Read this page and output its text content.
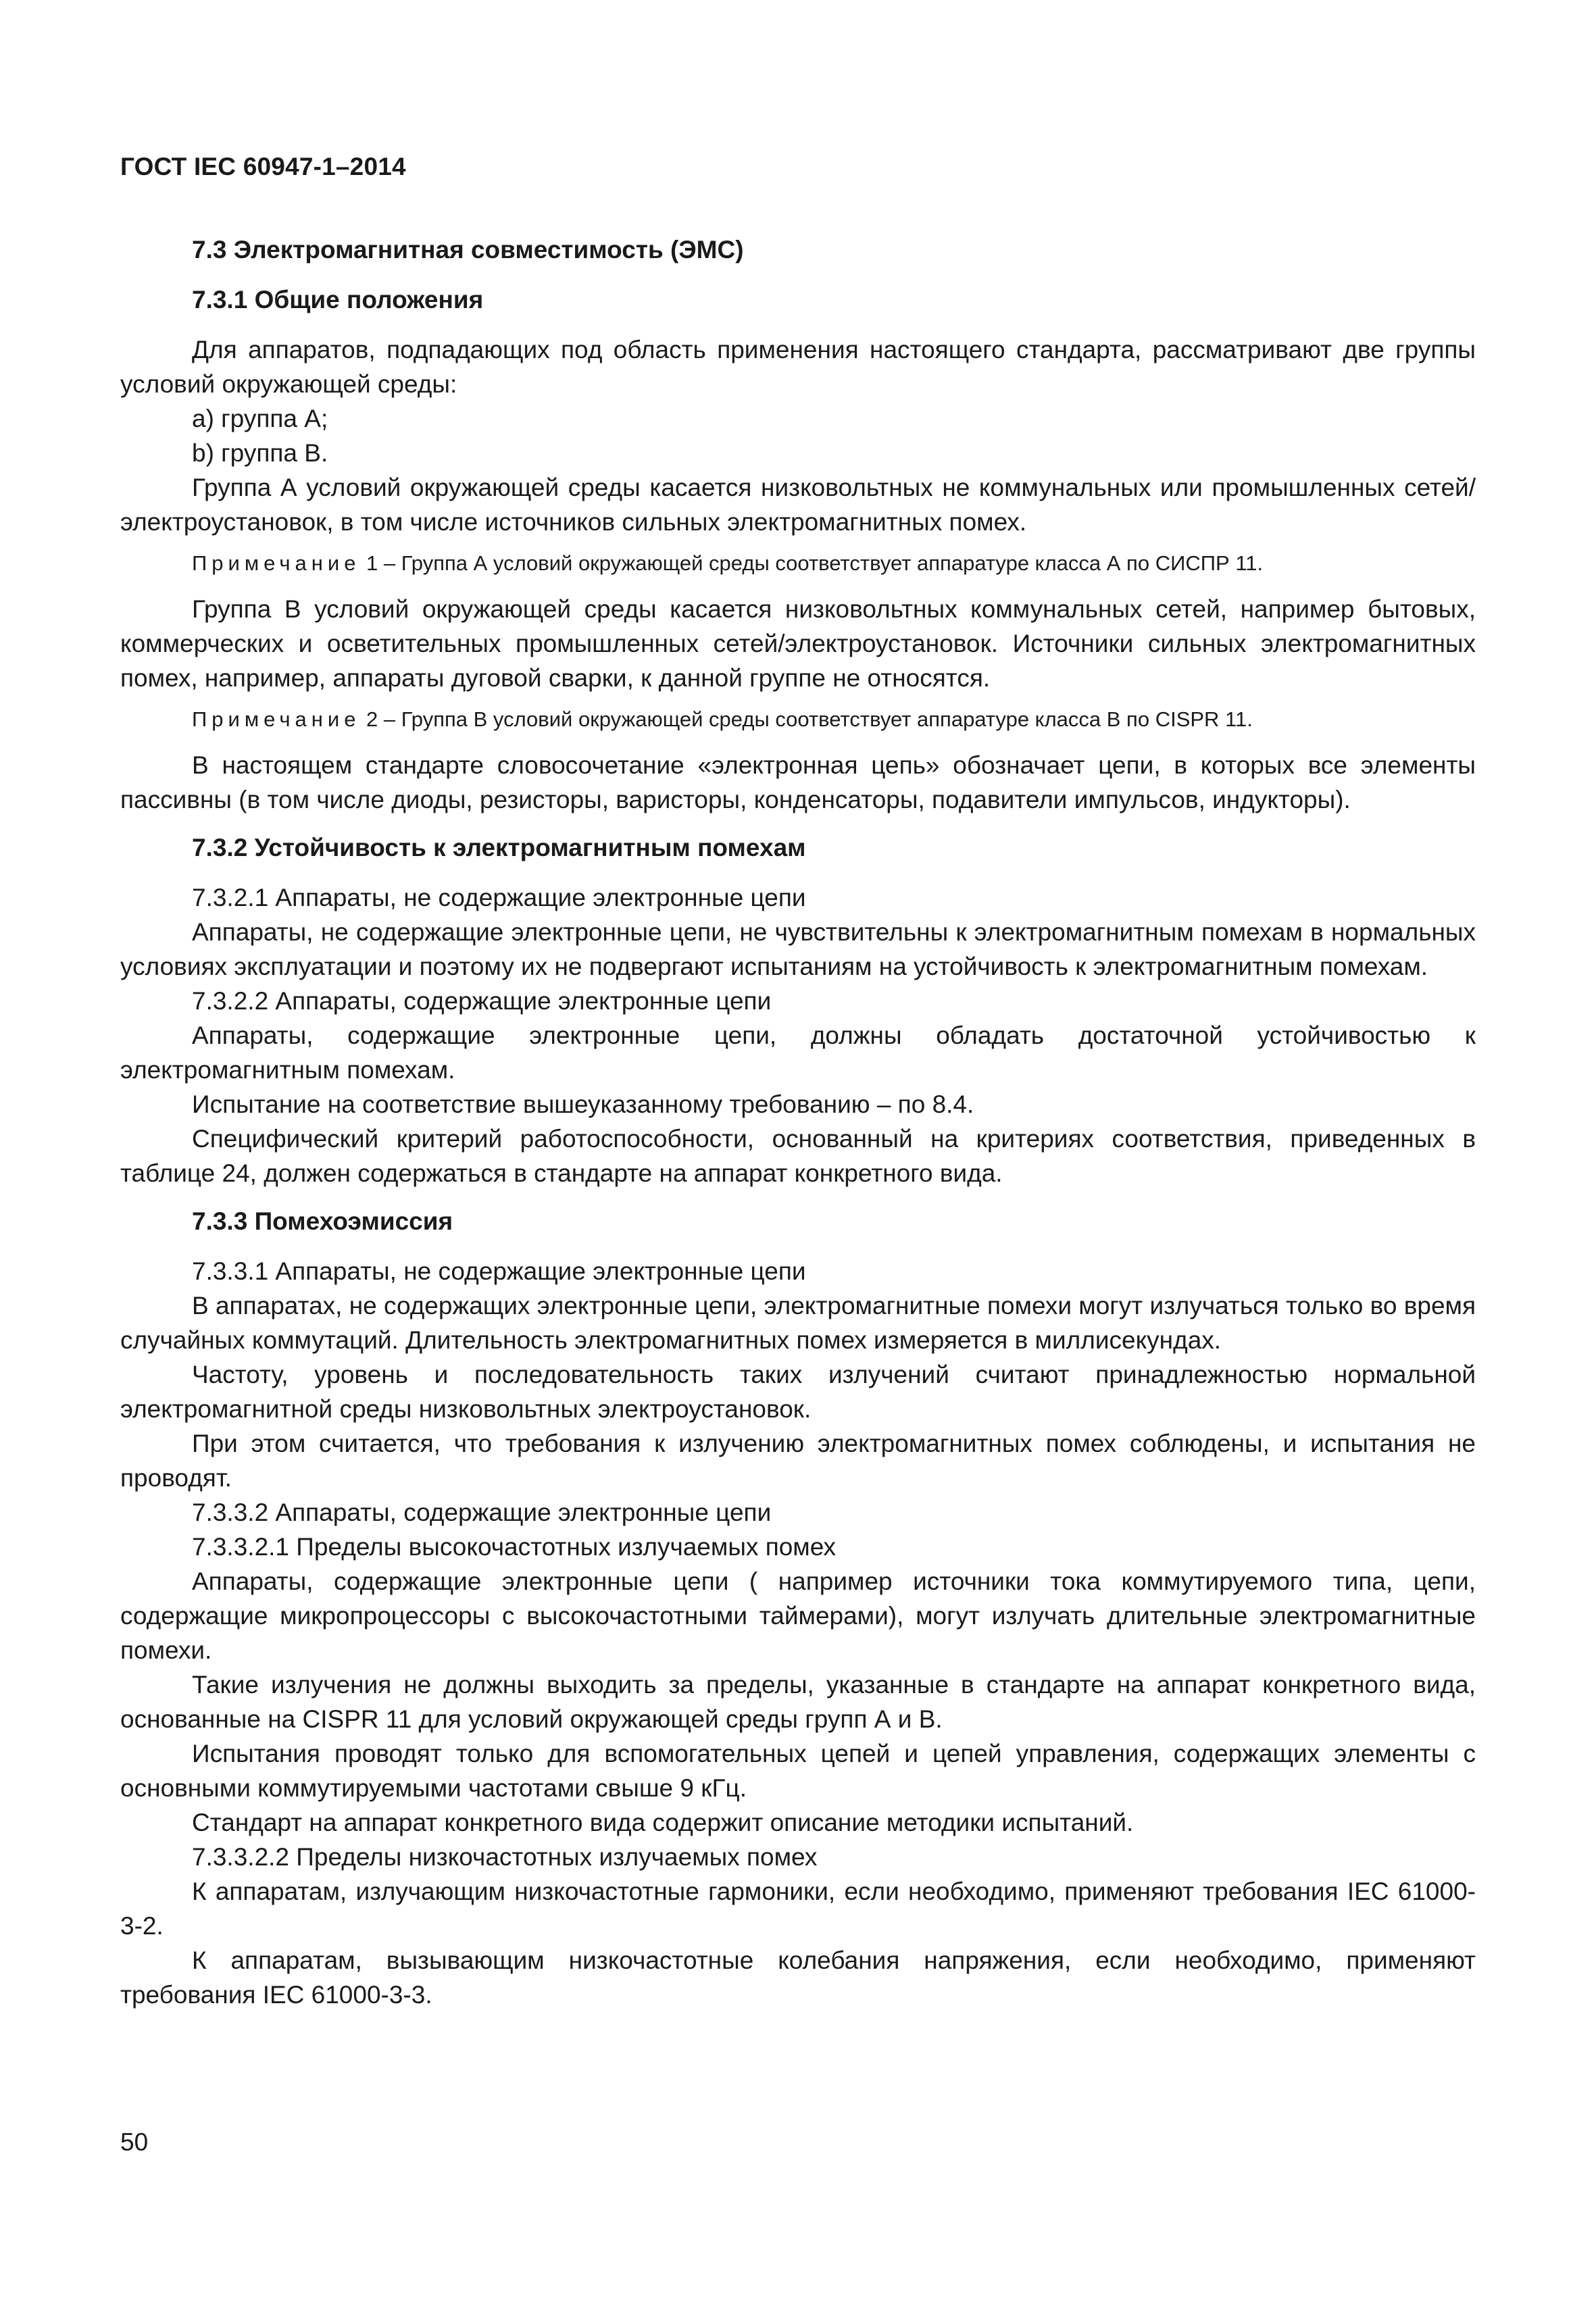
ГОСТ IEC 60947-1–2014

7.3 Электромагнитная совместимость (ЭМС)

7.3.1 Общие положения

Для аппаратов, подпадающих под область применения настоящего стандарта, рассматривают две группы условий окружающей среды:

a) группа А;

b) группа В.

Группа А условий окружающей среды касается низковольтных не коммунальных или промышленных сетей/электроустановок, в том числе источников сильных электромагнитных помех.

Примечание 1 – Группа А условий окружающей среды соответствует аппаратуре класса А по СИСПР 11.

Группа В условий окружающей среды касается низковольтных коммунальных сетей, например бытовых, коммерческих и осветительных промышленных сетей/электроустановок. Источники сильных электромагнитных помех, например, аппараты дуговой сварки, к данной группе не относятся.

Примечание 2 – Группа В условий окружающей среды соответствует аппаратуре класса В по CISPR 11.

В настоящем стандарте словосочетание «электронная цепь» обозначает цепи, в которых все элементы пассивны (в том числе диоды, резисторы, варисторы, конденсаторы, подавители импульсов, индукторы).

7.3.2 Устойчивость к электромагнитным помехам

7.3.2.1 Аппараты, не содержащие электронные цепи

Аппараты, не содержащие электронные цепи, не чувствительны к электромагнитным помехам в нормальных условиях эксплуатации и поэтому их не подвергают испытаниям на устойчивость к электромагнитным помехам.

7.3.2.2 Аппараты, содержащие электронные цепи

Аппараты, содержащие электронные цепи, должны обладать достаточной устойчивостью к электромагнитным помехам.

Испытание на соответствие вышеуказанному требованию – по 8.4.

Специфический критерий работоспособности, основанный на критериях соответствия, приведенных в таблице 24, должен содержаться в стандарте на аппарат конкретного вида.

7.3.3 Помехоэмиссия

7.3.3.1 Аппараты, не содержащие электронные цепи

В аппаратах, не содержащих электронные цепи, электромагнитные помехи могут излучаться только во время случайных коммутаций. Длительность электромагнитных помех измеряется в миллисекундах.

Частоту, уровень и последовательность таких излучений считают принадлежностью нормальной электромагнитной среды низковольтных электроустановок.

При этом считается, что требования к излучению электромагнитных помех соблюдены, и испытания не проводят.

7.3.3.2 Аппараты, содержащие электронные цепи

7.3.3.2.1 Пределы высокочастотных излучаемых помех

Аппараты, содержащие электронные цепи ( например источники тока коммутируемого типа, цепи, содержащие микропроцессоры с высокочастотными таймерами), могут излучать длительные электромагнитные помехи.

Такие излучения не должны выходить за пределы, указанные в стандарте на аппарат конкретного вида, основанные на CISPR 11 для условий окружающей среды групп А и В.

Испытания проводят только для вспомогательных цепей и цепей управления, содержащих элементы с основными коммутируемыми частотами свыше 9 кГц.

Стандарт на аппарат конкретного вида содержит описание методики испытаний.

7.3.3.2.2 Пределы низкочастотных излучаемых помех

К аппаратам, излучающим низкочастотные гармоники, если необходимо, применяют требования IEC 61000-3-2.

К аппаратам, вызывающим низкочастотные колебания напряжения, если необходимо, применяют требования IEC 61000-3-3.

50
